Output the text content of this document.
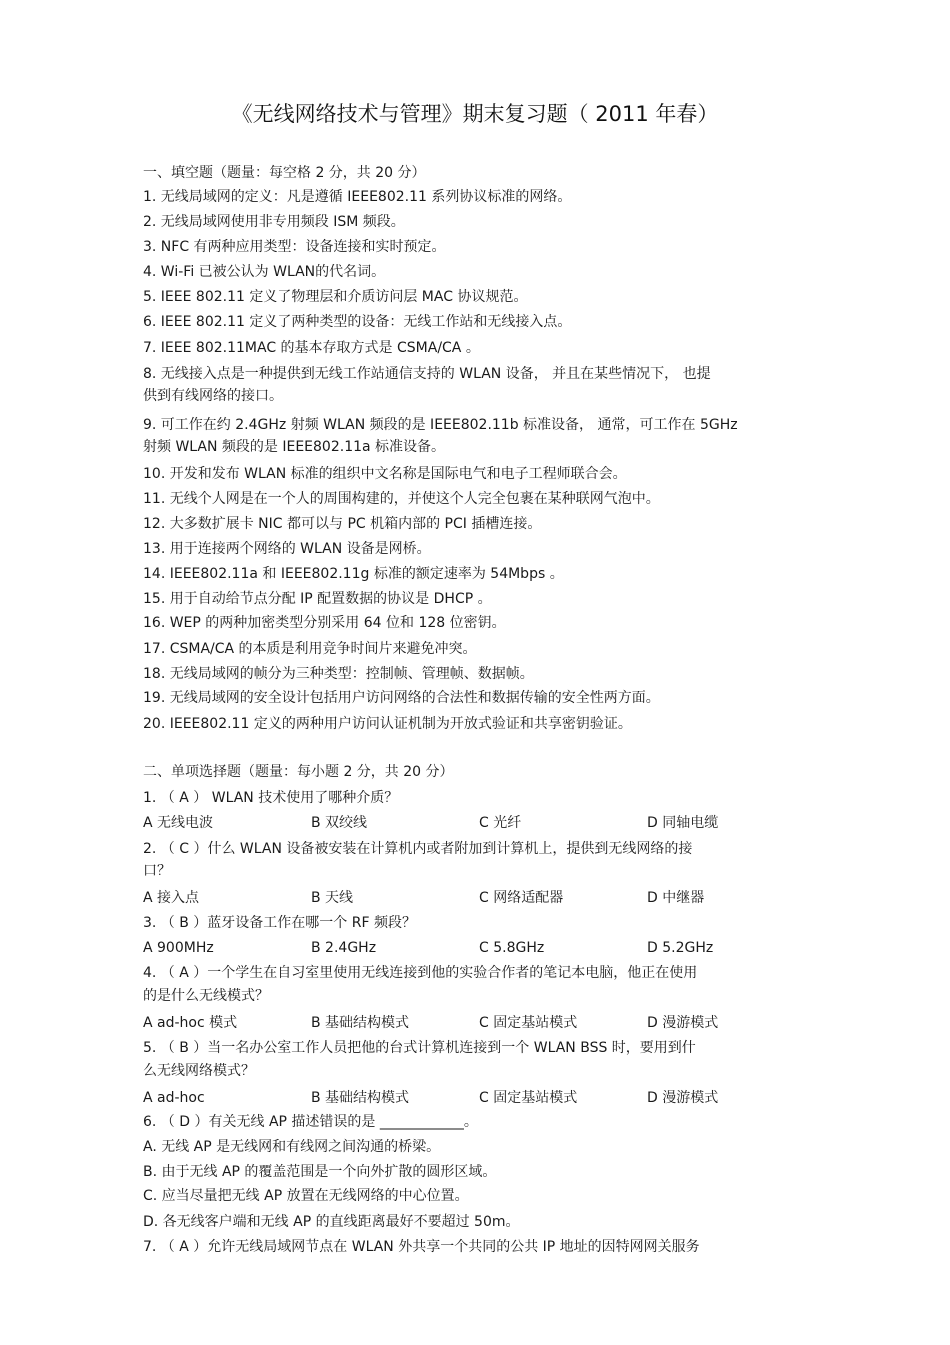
《无线网络技术与管理》期末复习题（ 2011 年春）
一、填空题（题量：每空格 2 分，共 20 分）
1. 无线局域网的定义：凡是遵循 IEEE802.11 系列协议标准的网络。
2. 无线局域网使用非专用频段 ISM 频段。
3. NFC 有两种应用类型：设备连接和实时预定。
4. Wi-Fi 已被公认为 WLAN的代名词。
5. IEEE 802.11 定义了物理层和介质访问层 MAC 协议规范。
6. IEEE 802.11 定义了两种类型的设备：无线工作站和无线接入点。
7. IEEE 802.11MAC 的基本存取方式是 CSMA/CA 。
8. 无线接入点是一种提供到无线工作站通信支持的 WLAN 设备， 并且在某些情况下， 也提
供到有线网络的接口。
9. 可工作在约 2.4GHz 射频 WLAN 频段的是 IEEE802.11b 标准设备， 通常，可工作在 5GHz
射频 WLAN 频段的是 IEEE802.11a 标准设备。
10. 开发和发布 WLAN 标准的组织中文名称是国际电气和电子工程师联合会。
11. 无线个人网是在一个人的周围构建的，并使这个人完全包裹在某种联网气泡中。
12. 大多数扩展卡 NIC 都可以与 PC 机箱内部的 PCI 插槽连接。
13. 用于连接两个网络的 WLAN 设备是网桥。
14. IEEE802.11a 和 IEEE802.11g 标准的额定速率为 54Mbps 。
15. 用于自动给节点分配 IP 配置数据的协议是 DHCP 。
16. WEP 的两种加密类型分别采用 64 位和 128 位密钥。
17. CSMA/CA 的本质是利用竞争时间片来避免冲突。
18. 无线局域网的帧分为三种类型：控制帧、管理帧、数据帧。
19. 无线局域网的安全设计包括用户访问网络的合法性和数据传输的安全性两方面。
20. IEEE802.11 定义的两种用户访问认证机制为开放式验证和共享密钥验证。
二、单项选择题（题量：每小题 2 分，共 20 分）
1. （ A ） WLAN 技术使用了哪种介质？
A 无线电波	B 双绞线	C 光纤	D 同轴电缆
2. （ C ）什么 WLAN 设备被安装在计算机内或者附加到计算机上，提供到无线网络的接
口？
A 接入点	B 天线	C 网络适配器	D 中继器
3. （ B ）蓝牙设备工作在哪一个 RF 频段？
A 900MHz	B 2.4GHz	C 5.8GHz	D 5.2GHz
4. （ A ）一个学生在自习室里使用无线连接到他的实验合作者的笔记本电脑，他正在使用
的是什么无线模式？
A ad-hoc 模式	B 基础结构模式	C 固定基站模式	D 漫游模式
5. （ B ）当一名办公室工作人员把他的台式计算机连接到一个 WLAN BSS 时，要用到什
么无线网络模式？
A ad-hoc	B 基础结构模式	C 固定基站模式	D 漫游模式
6. （ D ）有关无线 AP 描述错误的是 ____________。
A. 无线 AP 是无线网和有线网之间沟通的桥梁。
B. 由于无线 AP 的覆盖范围是一个向外扩散的圆形区域。
C. 应当尽量把无线 AP 放置在无线网络的中心位置。
D. 各无线客户端和无线 AP 的直线距离最好不要超过 50m。
7. （ A ）允许无线局域网节点在 WLAN 外共享一个共同的公共 IP 地址的因特网网关服务
